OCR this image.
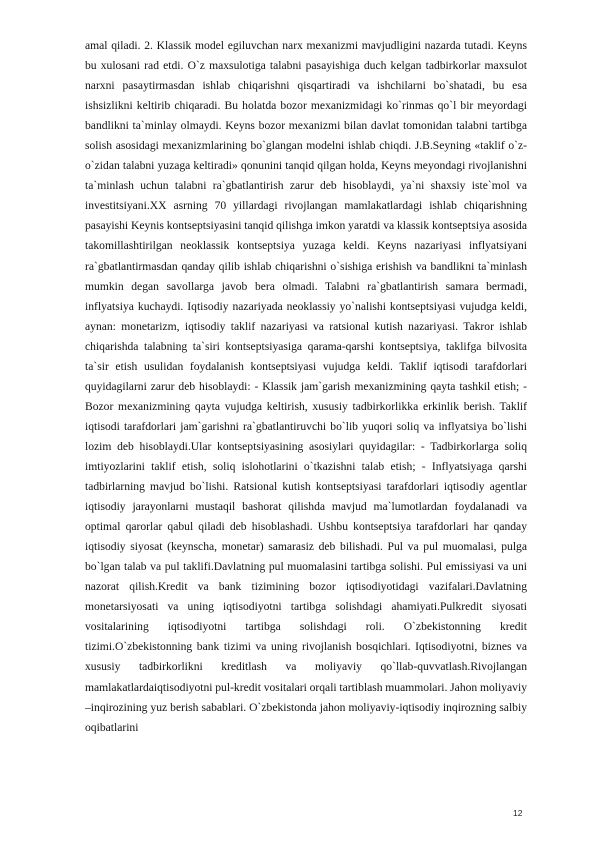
amal qiladi. 2. Klassik model egiluvchan narx mexanizmi mavjudligini nazarda tutadi. Keyns bu xulosani rad etdi. O`z maxsulotiga talabni pasayishiga duch kelgan tadbirkorlar maxsulot narxni pasaytirmasdan ishlab chiqarishni qisqartiradi va ishchilarni bo`shatadi, bu esa ishsizlikni keltirib chiqaradi. Bu holatda bozor mexanizmidagi ko`rinmas qo`l bir meyordagi bandlikni ta`minlay olmaydi. Keyns bozor mexanizmi bilan davlat tomonidan talabni tartibga solish asosidagi mexanizmlarining bo`glangan modelni ishlab chiqdi. J.B.Seyning «taklif o`z-o`zidan talabni yuzaga keltiradi» qonunini tanqid qilgan holda, Keyns meyondagi rivojlanishni ta`minlash uchun talabni ra`gbatlantirish zarur deb hisoblaydi, ya`ni shaxsiy iste`mol va investitsiyani.XX asrning 70 yillardagi rivojlangan mamlakatlardagi ishlab chiqarishning pasayishi Keynis kontseptsiyasini tanqid qilishga imkon yaratdi va klassik kontseptsiya asosida takomillashtirilgan neoklassik kontseptsiya yuzaga keldi. Keyns nazariyasi inflyatsiyani ra`gbatlantirmasdan qanday qilib ishlab chiqarishni o`sishiga erishish va bandlikni ta`minlash mumkin degan savollarga javob bera olmadi. Talabni ra`gbatlantirish samara bermadi, inflyatsiya kuchaydi. Iqtisodiy nazariyada neoklassiy yo`nalishi kontseptsiyasi vujudga keldi, aynan: monetarizm, iqtisodiy taklif nazariyasi va ratsional kutish nazariyasi. Takror ishlab chiqarishda talabning ta`siri kontseptsiyasiga qarama-qarshi kontseptsiya, taklifga bilvosita ta`sir etish usulidan foydalanish kontseptsiyasi vujudga keldi. Taklif iqtisodi tarafdorlari quyidagilarni zarur deb hisoblaydi: - Klassik jam`garish mexanizmining qayta tashkil etish; - Bozor mexanizmining qayta vujudga keltirish, xususiy tadbirkorlikka erkinlik berish. Taklif iqtisodi tarafdorlari jam`garishni ra`gbatlantiruvchi bo`lib yuqori soliq va inflyatsiya bo`lishi lozim deb hisoblaydi.Ular kontseptsiyasining asosiylari quyidagilar: - Tadbirkorlarga soliq imtiyozlarini taklif etish, soliq islohotlarini o`tkazishni talab etish; - Inflyatsiyaga qarshi tadbirlarning mavjud bo`lishi. Ratsional kutish kontseptsiyasi tarafdorlari iqtisodiy agentlar iqtisodiy jarayonlarni mustaqil bashorat qilishda mavjud ma`lumotlardan foydalanadi va optimal qarorlar qabul qiladi deb hisoblashadi. Ushbu kontseptsiya tarafdorlari har qanday iqtisodiy siyosat (keynscha, monetar) samarasiz deb bilishadi. Pul va pul muomalasi, pulga bo`lgan talab va pul taklifi.Davlatning pul muomalasini tartibga solishi. Pul emissiyasi va uni nazorat qilish.Kredit va bank tizimining bozor iqtisodiyotidagi vazifalari.Davlatning monetarsiyosati va uning iqtisodiyotni tartibga solishdagi ahamiyati.Pulkredit siyosati vositalarining iqtisodiyotni tartibga solishdagi roli. O`zbekistonning kredit tizimi.O`zbekistonning bank tizimi va uning rivojlanish bosqichlari. Iqtisodiyotni, biznes va xususiy tadbirkorlikni kreditlash va moliyaviy qo`llab-quvvatlash.Rivojlangan mamlakatlardaiqtisodiyotni pul-kredit vositalari orqali tartiblash muammolari. Jahon moliyaviy –inqirozining yuz berish sabablari. O`zbekistonda jahon moliyaviy-iqtisodiy inqirozning salbiy oqibatlarini

12
